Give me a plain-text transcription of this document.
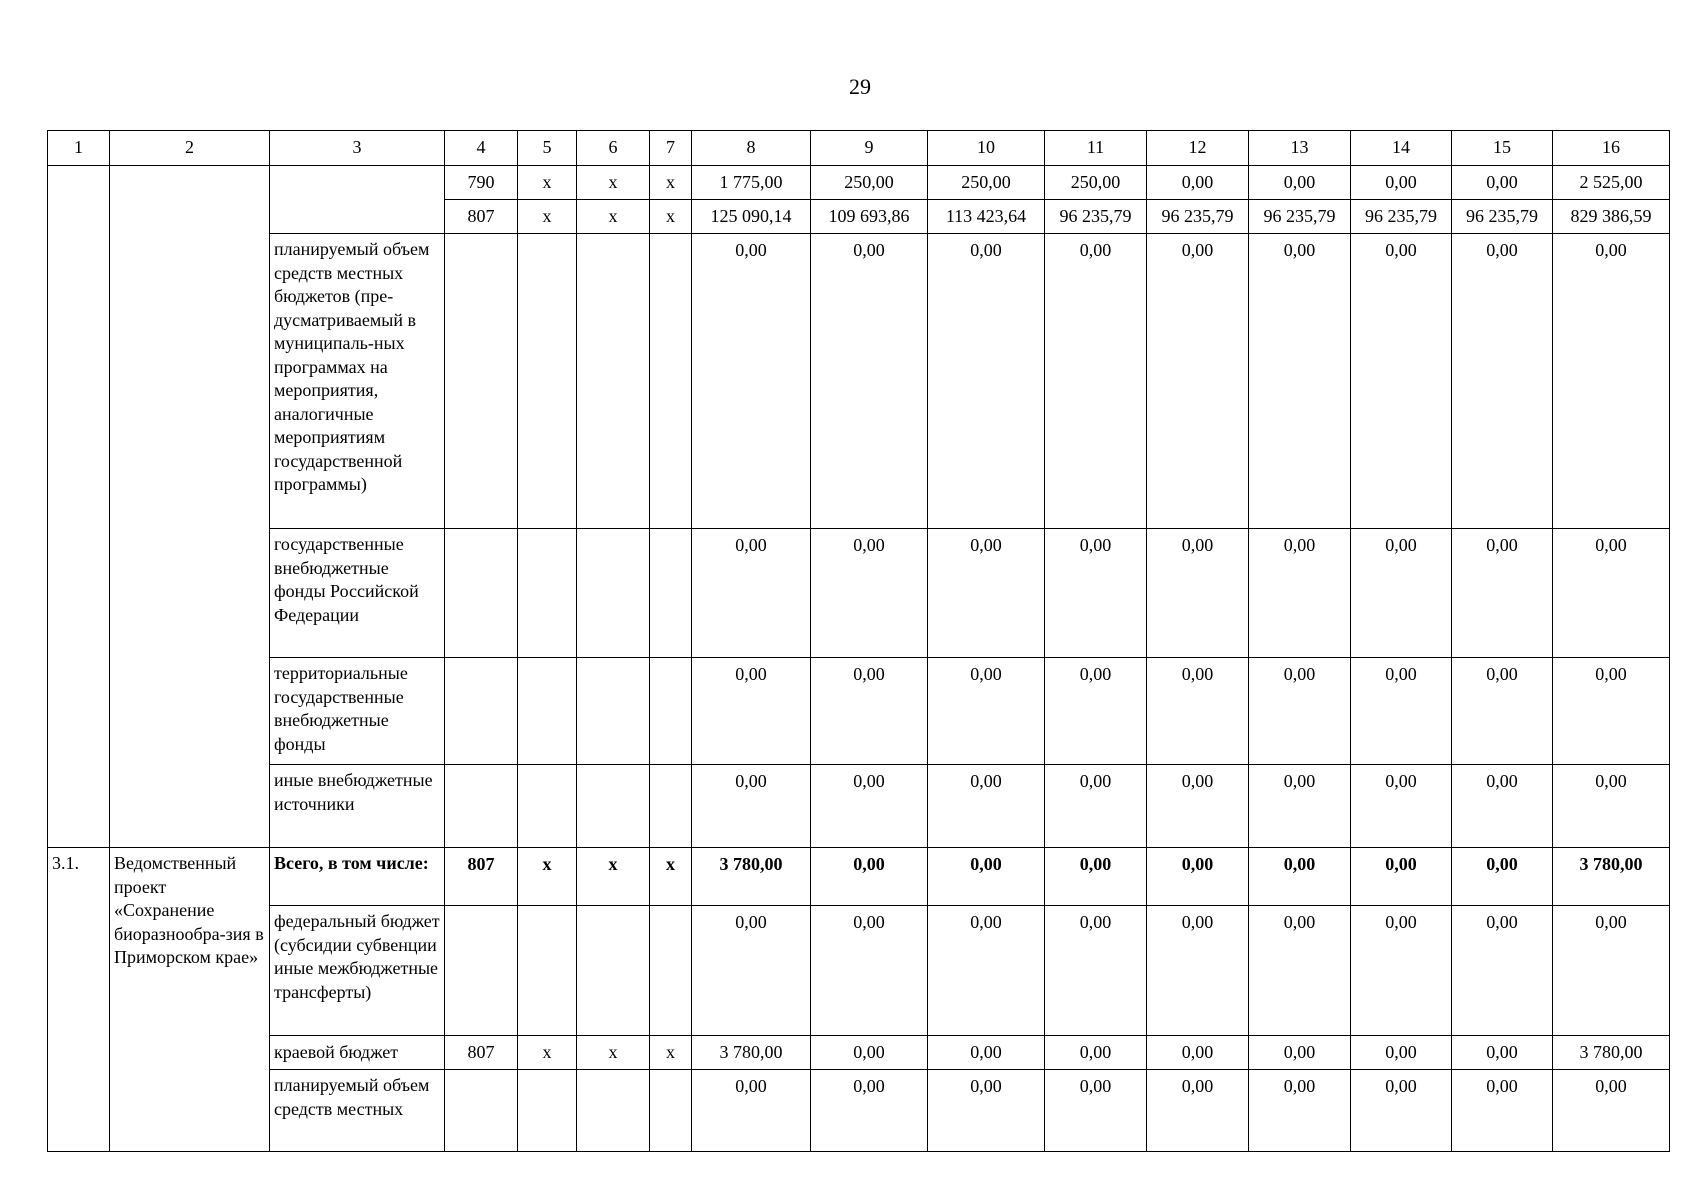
29
1	2	3	4	5	6	7	8	9	10	11	12	13	14	15	16
			790	x	x	x	1 775,00	250,00	250,00	250,00	0,00	0,00	0,00	0,00	2 525,00
			807	x	x	x	125 090,14	109 693,86	113 423,64	96 235,79	96 235,79	96 235,79	96 235,79	96 235,79	829 386,59
		планируемый объем средств местных бюджетов (пре-дусматриваемый в муниципаль-ных программах на мероприятия, аналогичные мероприятиям государственной программы)					0,00	0,00	0,00	0,00	0,00	0,00	0,00	0,00	0,00
		государственные внебюджетные фонды Российской Федерации					0,00	0,00	0,00	0,00	0,00	0,00	0,00	0,00	0,00
		территориальные государственные внебюджетные фонды					0,00	0,00	0,00	0,00	0,00	0,00	0,00	0,00	0,00
		иные внебюджетные источники					0,00	0,00	0,00	0,00	0,00	0,00	0,00	0,00	0,00
3.1.	Ведомственный проект «Сохранение биоразнообра-зия в Приморском крае»	Всего, в том числе:	807	x	x	x	3 780,00	0,00	0,00	0,00	0,00	0,00	0,00	0,00	3 780,00
		федеральный бюджет (субсидии субвенции иные межбюджетные трансферты)					0,00	0,00	0,00	0,00	0,00	0,00	0,00	0,00	0,00
		краевой бюджет	807	x	x	x	3 780,00	0,00	0,00	0,00	0,00	0,00	0,00	0,00	3 780,00
		планируемый объем средств местных					0,00	0,00	0,00	0,00	0,00	0,00	0,00	0,00	0,00
